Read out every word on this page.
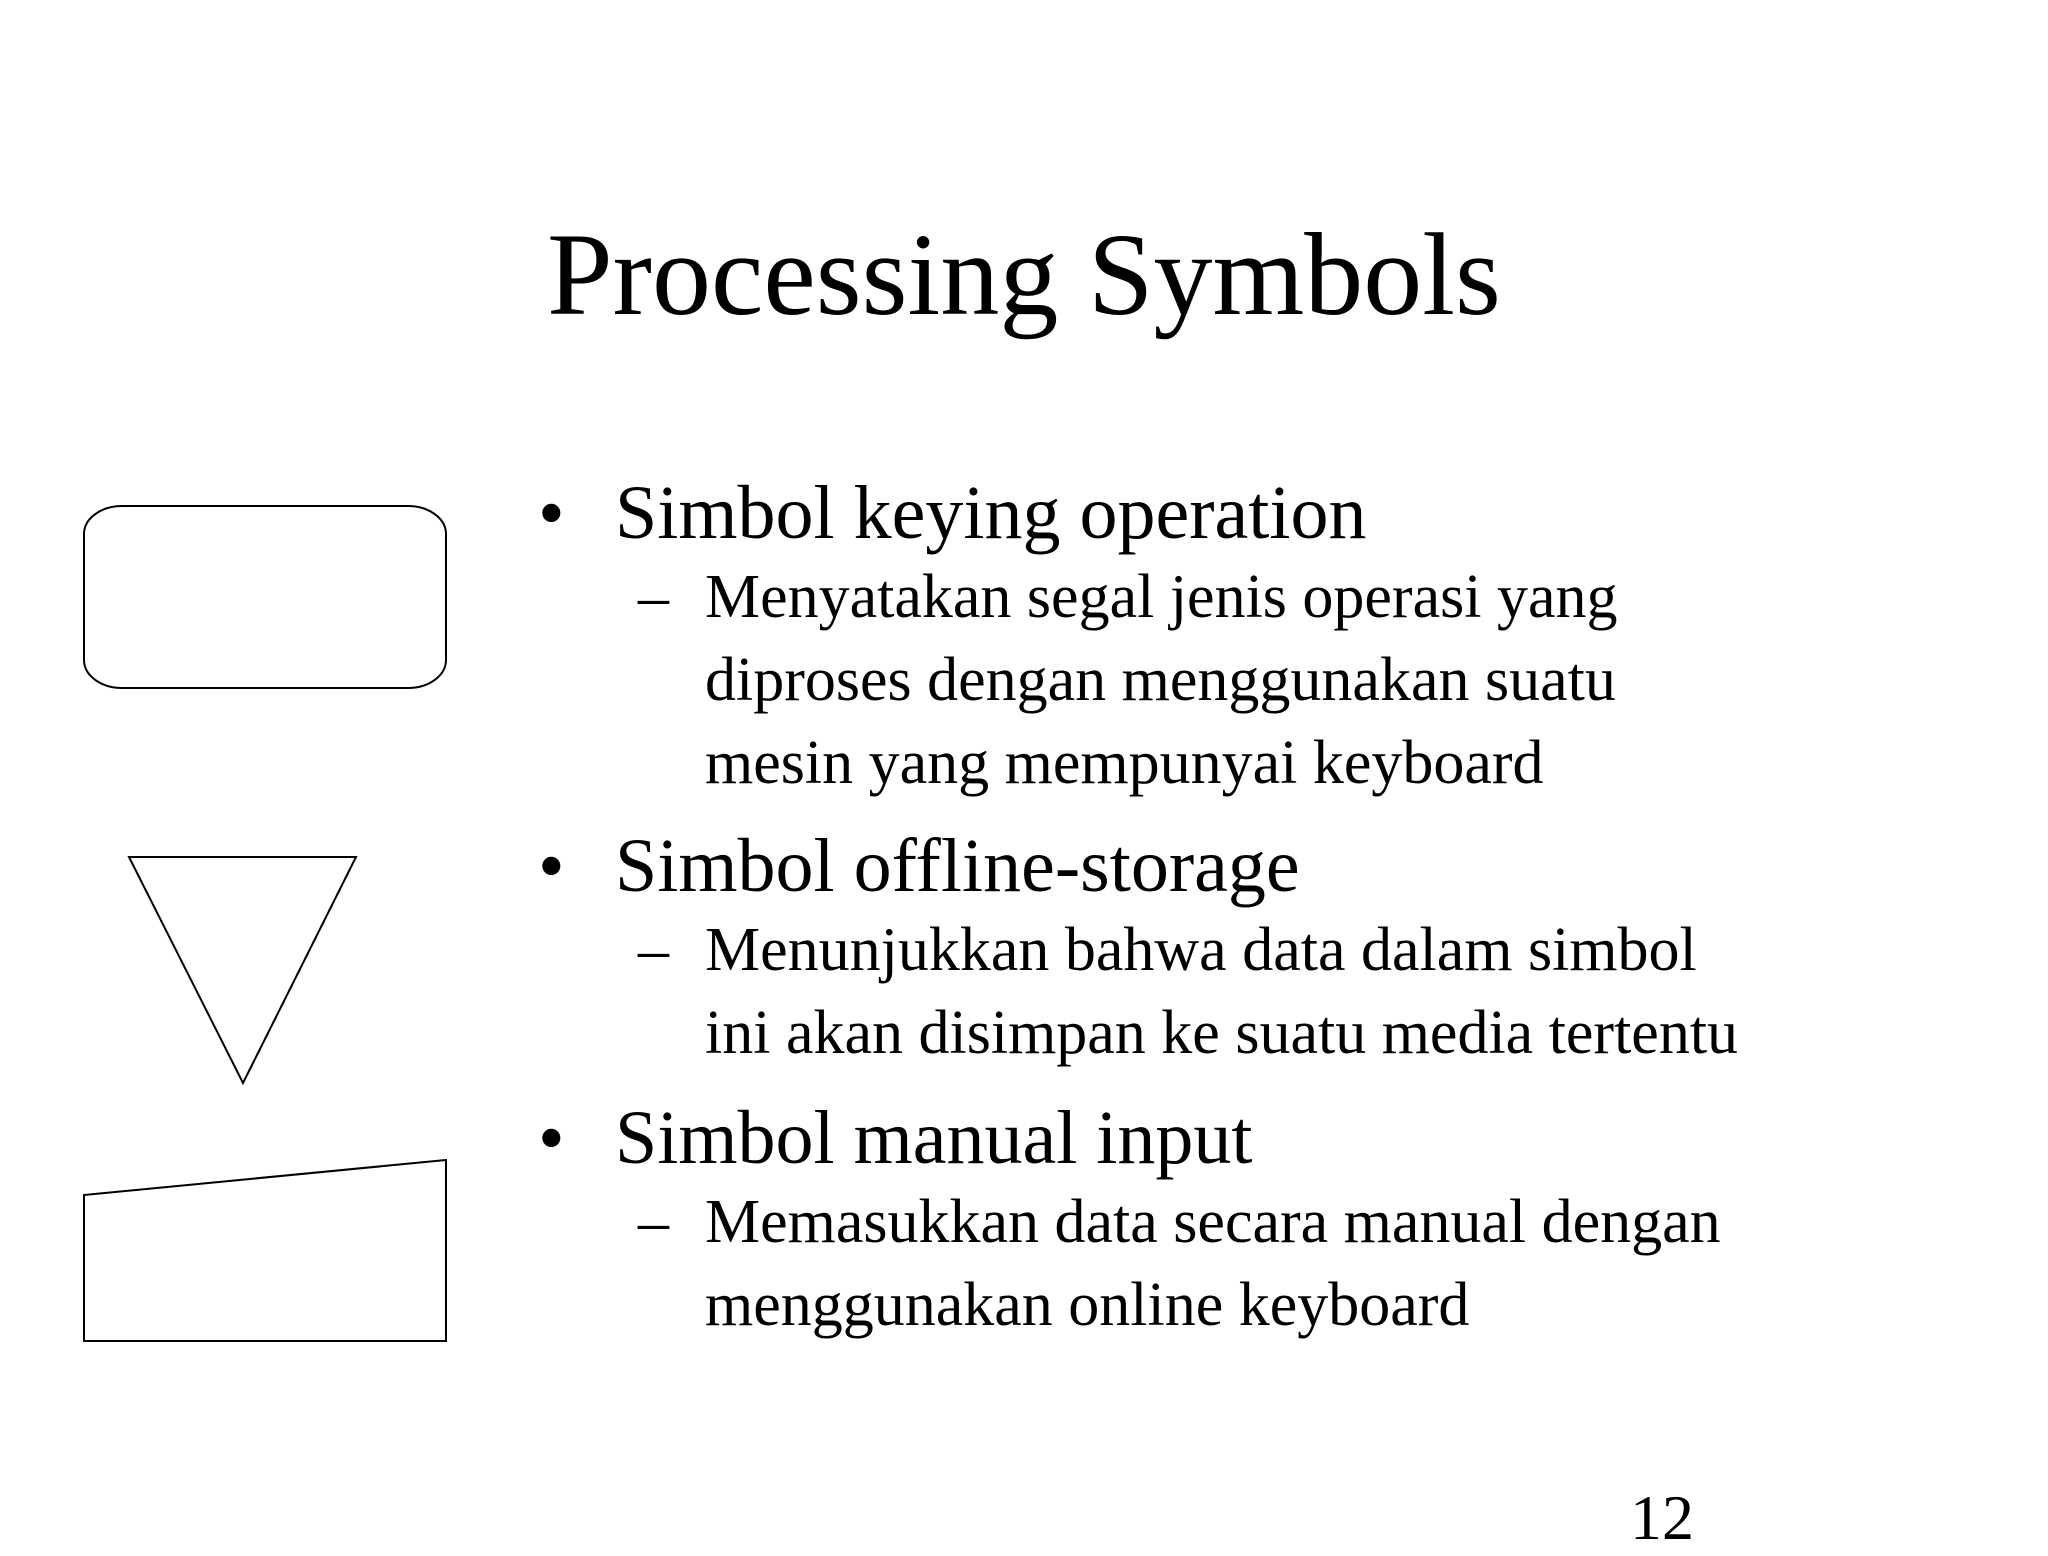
Processing Symbols
• Simbol keying operation
– Menyatakan segal jenis operasi yang
diproses dengan menggunakan suatu
mesin yang mempunyai keyboard
• Simbol offline-storage
– Menunjukkan bahwa data dalam simbol
ini akan disimpan ke suatu media tertentu
• Simbol manual input
– Memasukkan data secara manual dengan
menggunakan online keyboard
12
